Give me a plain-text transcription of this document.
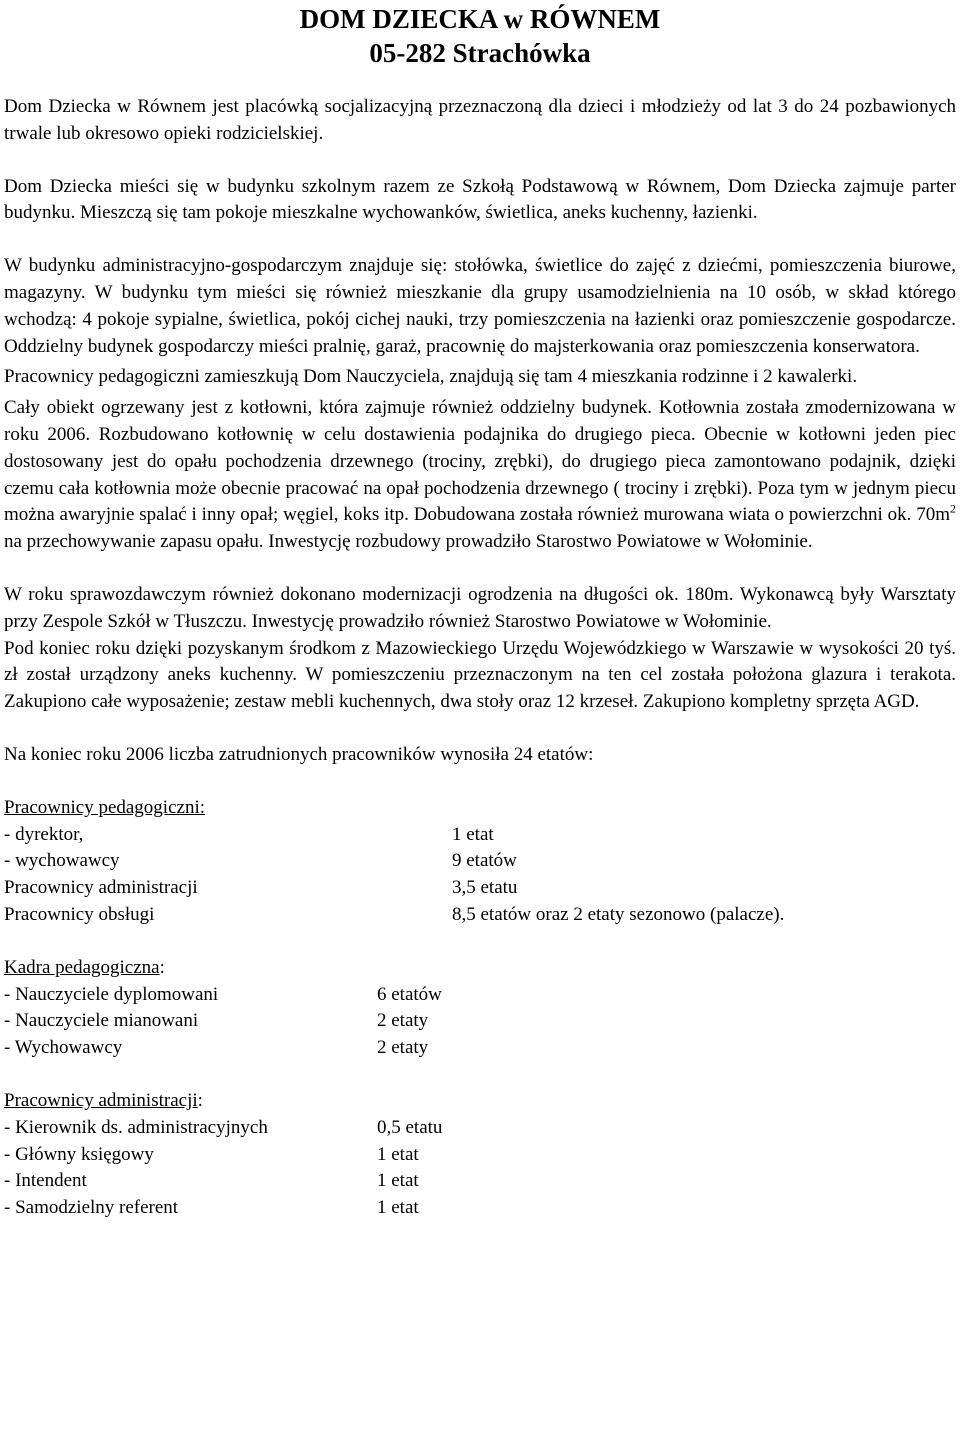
DOM DZIECKA w RÓWNEM
05-282 Strachówka

Dom Dziecka w Równem jest placówką socjalizacyjną przeznaczoną dla dzieci i młodzieży od lat 3 do 24 pozbawionych trwale lub okresowo opieki rodzicielskiej.

Dom Dziecka mieści się w budynku szkolnym razem ze Szkołą Podstawową w Równem, Dom Dziecka zajmuje parter budynku. Mieszczą się tam pokoje mieszkalne wychowanków, świetlica, aneks kuchenny, łazienki.

W budynku administracyjno-gospodarczym znajduje się: stołówka, świetlice do zajęć z dziećmi, pomieszczenia biurowe, magazyny. W budynku tym mieści się również mieszkanie dla grupy usamodzielnienia na 10 osób, w skład którego wchodzą: 4 pokoje sypialne, świetlica, pokój cichej nauki, trzy pomieszczenia na łazienki oraz pomieszczenie gospodarcze. Oddzielny budynek gospodarczy mieści pralnię, garaż, pracownię do majsterkowania oraz pomieszczenia konserwatora.

Pracownicy pedagogiczni zamieszkują Dom Nauczyciela, znajdują się tam 4 mieszkania rodzinne i 2 kawalerki.

Cały obiekt ogrzewany jest z kotłowni, która zajmuje również oddzielny budynek. Kotłownia została zmodernizowana w roku 2006. Rozbudowano kotłownię w celu dostawienia podajnika do drugiego pieca. Obecnie w kotłowni jeden piec dostosowany jest do opału pochodzenia drzewnego (trociny, zrębki), do drugiego pieca zamontowano podajnik, dzięki czemu cała kotłownia może obecnie pracować na opał pochodzenia drzewnego ( trociny i zrębki). Poza tym w jednym piecu można awaryjnie spalać i inny opał; węgiel, koks itp. Dobudowana została również murowana wiata o powierzchni ok. $70m^2$ na przechowywanie zapasu opału. Inwestycję rozbudowy prowadziło Starostwo Powiatowe w Wołominie.

W roku sprawozdawczym również dokonano modernizacji ogrodzenia na długości ok. 180m. Wykonawcą były Warsztaty przy Zespole Szkół w Tłuszczu. Inwestycję prowadziło również Starostwo Powiatowe w Wołominie.

Pod koniec roku dzięki pozyskanym środkom z Mazowieckiego Urzędu Wojewódzkiego w Warszawie w wysokości 20 tyś. zł został urządzony aneks kuchenny. W pomieszczeniu przeznaczonym na ten cel została położona glazura i terakota. Zakupiono całe wyposażenie; zestaw mebli kuchennych, dwa stoły oraz 12 krzeseł. Zakupiono kompletny sprzęta AGD.

Na koniec roku 2006 liczba zatrudnionych pracowników wynosiła 24 etatów:

Pracownicy pedagogiczni:
- dyrektor,	1 etat
- wychowawcy	9 etatów
Pracownicy administracji	3,5 etatu
Pracownicy obsługi	8,5 etatów oraz 2 etaty sezonowo (palacze).
Kadra pedagogiczna :
- Nauczyciele dyplomowani	6 etatów
- Nauczyciele mianowani	2 etaty
- Wychowawcy	2 etaty
Pracownicy administracji :
- Kierownik ds. administracyjnych	0,5 etatu
- Główny księgowy	1 etat
- Intendent	1 etat
- Samodzielny referent	1 etat
